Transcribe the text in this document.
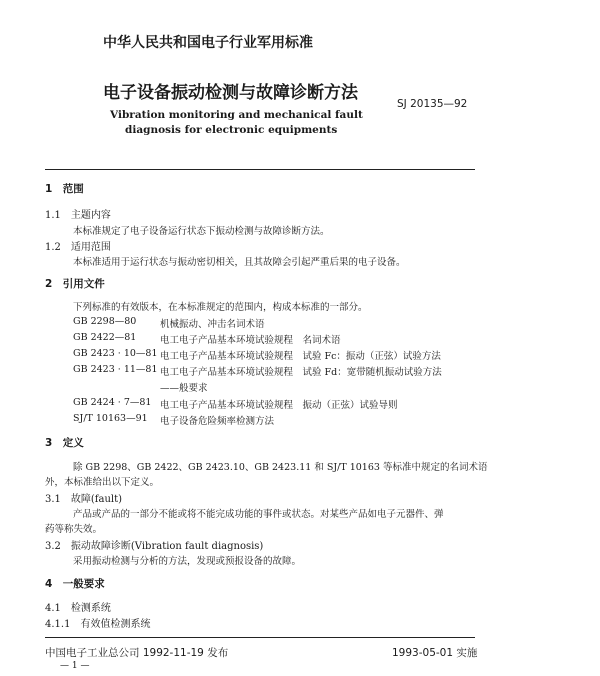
中华人民共和国电子行业军用标准
电子设备振动检测与故障诊断方法
SJ 20135—92
Vibration monitoring and mechanical fault
diagnosis for electronic equipments
1　范围
1.1　主题内容
本标准规定了电子设备运行状态下振动检测与故障诊断方法。
1.2　适用范围
本标准适用于运行状态与振动密切相关，且其故障会引起严重后果的电子设备。
2　引用文件
下列标准的有效版本，在本标准规定的范围内，构成本标准的一部分。
GB 2298—80 机械振动、冲击名词术语
GB 2422—81 电工电子产品基本环境试验规程　名词术语
GB 2423 · 10—81 电工电子产品基本环境试验规程　试验 Fc：振动（正弦）试验方法
GB 2423 · 11—81 电工电子产品基本环境试验规程　试验 Fd：宽带随机振动试验方法
——般要求
GB 2424 · 7—81 电工电子产品基本环境试验规程　振动（正弦）试验导则
SJ/T 10163—91 电子设备危险频率检测方法
3　定义
除 GB 2298、GB 2422、GB 2423.10、GB 2423.11 和 SJ/T 10163 等标准中规定的名词术语
外，本标准给出以下定义。
3.1　故障(fault)
产品或产品的一部分不能或将不能完成功能的事件或状态。对某些产品如电子元器件、弹
药等称失效。
3.2　振动故障诊断(Vibration fault diagnosis)
采用振动检测与分析的方法，发现或预报设备的故障。
4　一般要求
4.1　检测系统
4.1.1　有效值检测系统
中国电子工业总公司 1992-11-19 发布	1993-05-01 实施
— 1 —
